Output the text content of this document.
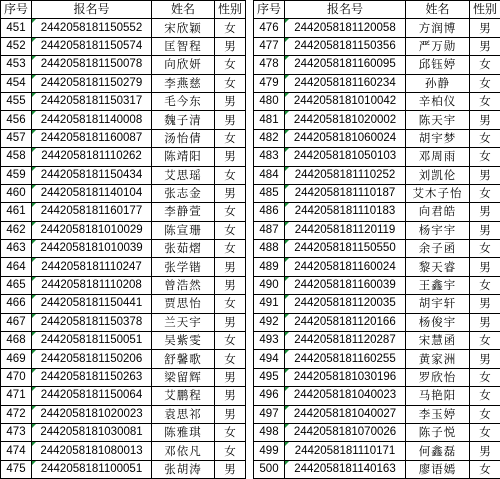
序号	报名号	姓名	性别
451	2442058181150552	宋欣颖	女
452	2442058181150574	匡智程	男
453	2442058181150078	向欣妍	女
454	2442058181150279	李燕慈	女
455	2442058181150317	毛今东	男
456	2442058181140008	魏子清	男
457	2442058181160087	汤怡倩	女
458	2442058181110262	陈靖阳	男
459	2442058181150434	艾思瑶	女
460	2442058181140104	张志金	男
461	2442058181160177	李静萱	女
462	2442058181010029	陈宣珊	女
463	2442058181010039	张茹熠	女
464	2442058181110247	张学锴	男
465	2442058181110208	曾浩然	男
466	2442058181150441	贾思怡	女
467	2442058181150378	兰天宇	男
468	2442058181150051	吴紫雯	女
469	2442058181150206	舒馨歌	女
470	2442058181150263	梁留辉	男
471	2442058181150064	艾鹏程	男
472	2442058181020023	袁思祁	男
473	2442058181030081	陈雅琪	女
474	2442058181080013	邓依凡	女
475	2442058181100051	张胡涛	男
序号	报名号	姓名	性别
476	2442058181120058	方润博	男
477	2442058181150356	严万勋	男
478	2442058181160095	邱钰婷	女
479	2442058181160234	孙静	女
480	2442058181010042	辛柏仪	女
481	2442058181020002	陈天宇	男
482	2442058181060024	胡宇梦	女
483	2442058181050103	邓周雨	女
484	2442058181110252	刘凯伦	男
485	2442058181110187	艾木子怡	女
486	2442058181110183	向君皓	男
487	2442058181120119	杨宇宇	男
488	2442058181150550	余子函	女
489	2442058181160024	黎天睿	男
490	2442058181160039	王鑫宇	女
491	2442058181120035	胡宇轩	男
492	2442058181120166	杨俊宇	男
493	2442058181120287	宋慧函	女
494	2442058181160255	黄家洲	男
495	2442058181030196	罗欣怡	女
496	2442058181040023	马艳阳	女
497	2442058181040027	李玉婷	女
498	2442058181070026	陈子悦	女
499	2442058181110171	何鑫磊	男
500	2442058181140163	廖语嫣	女
